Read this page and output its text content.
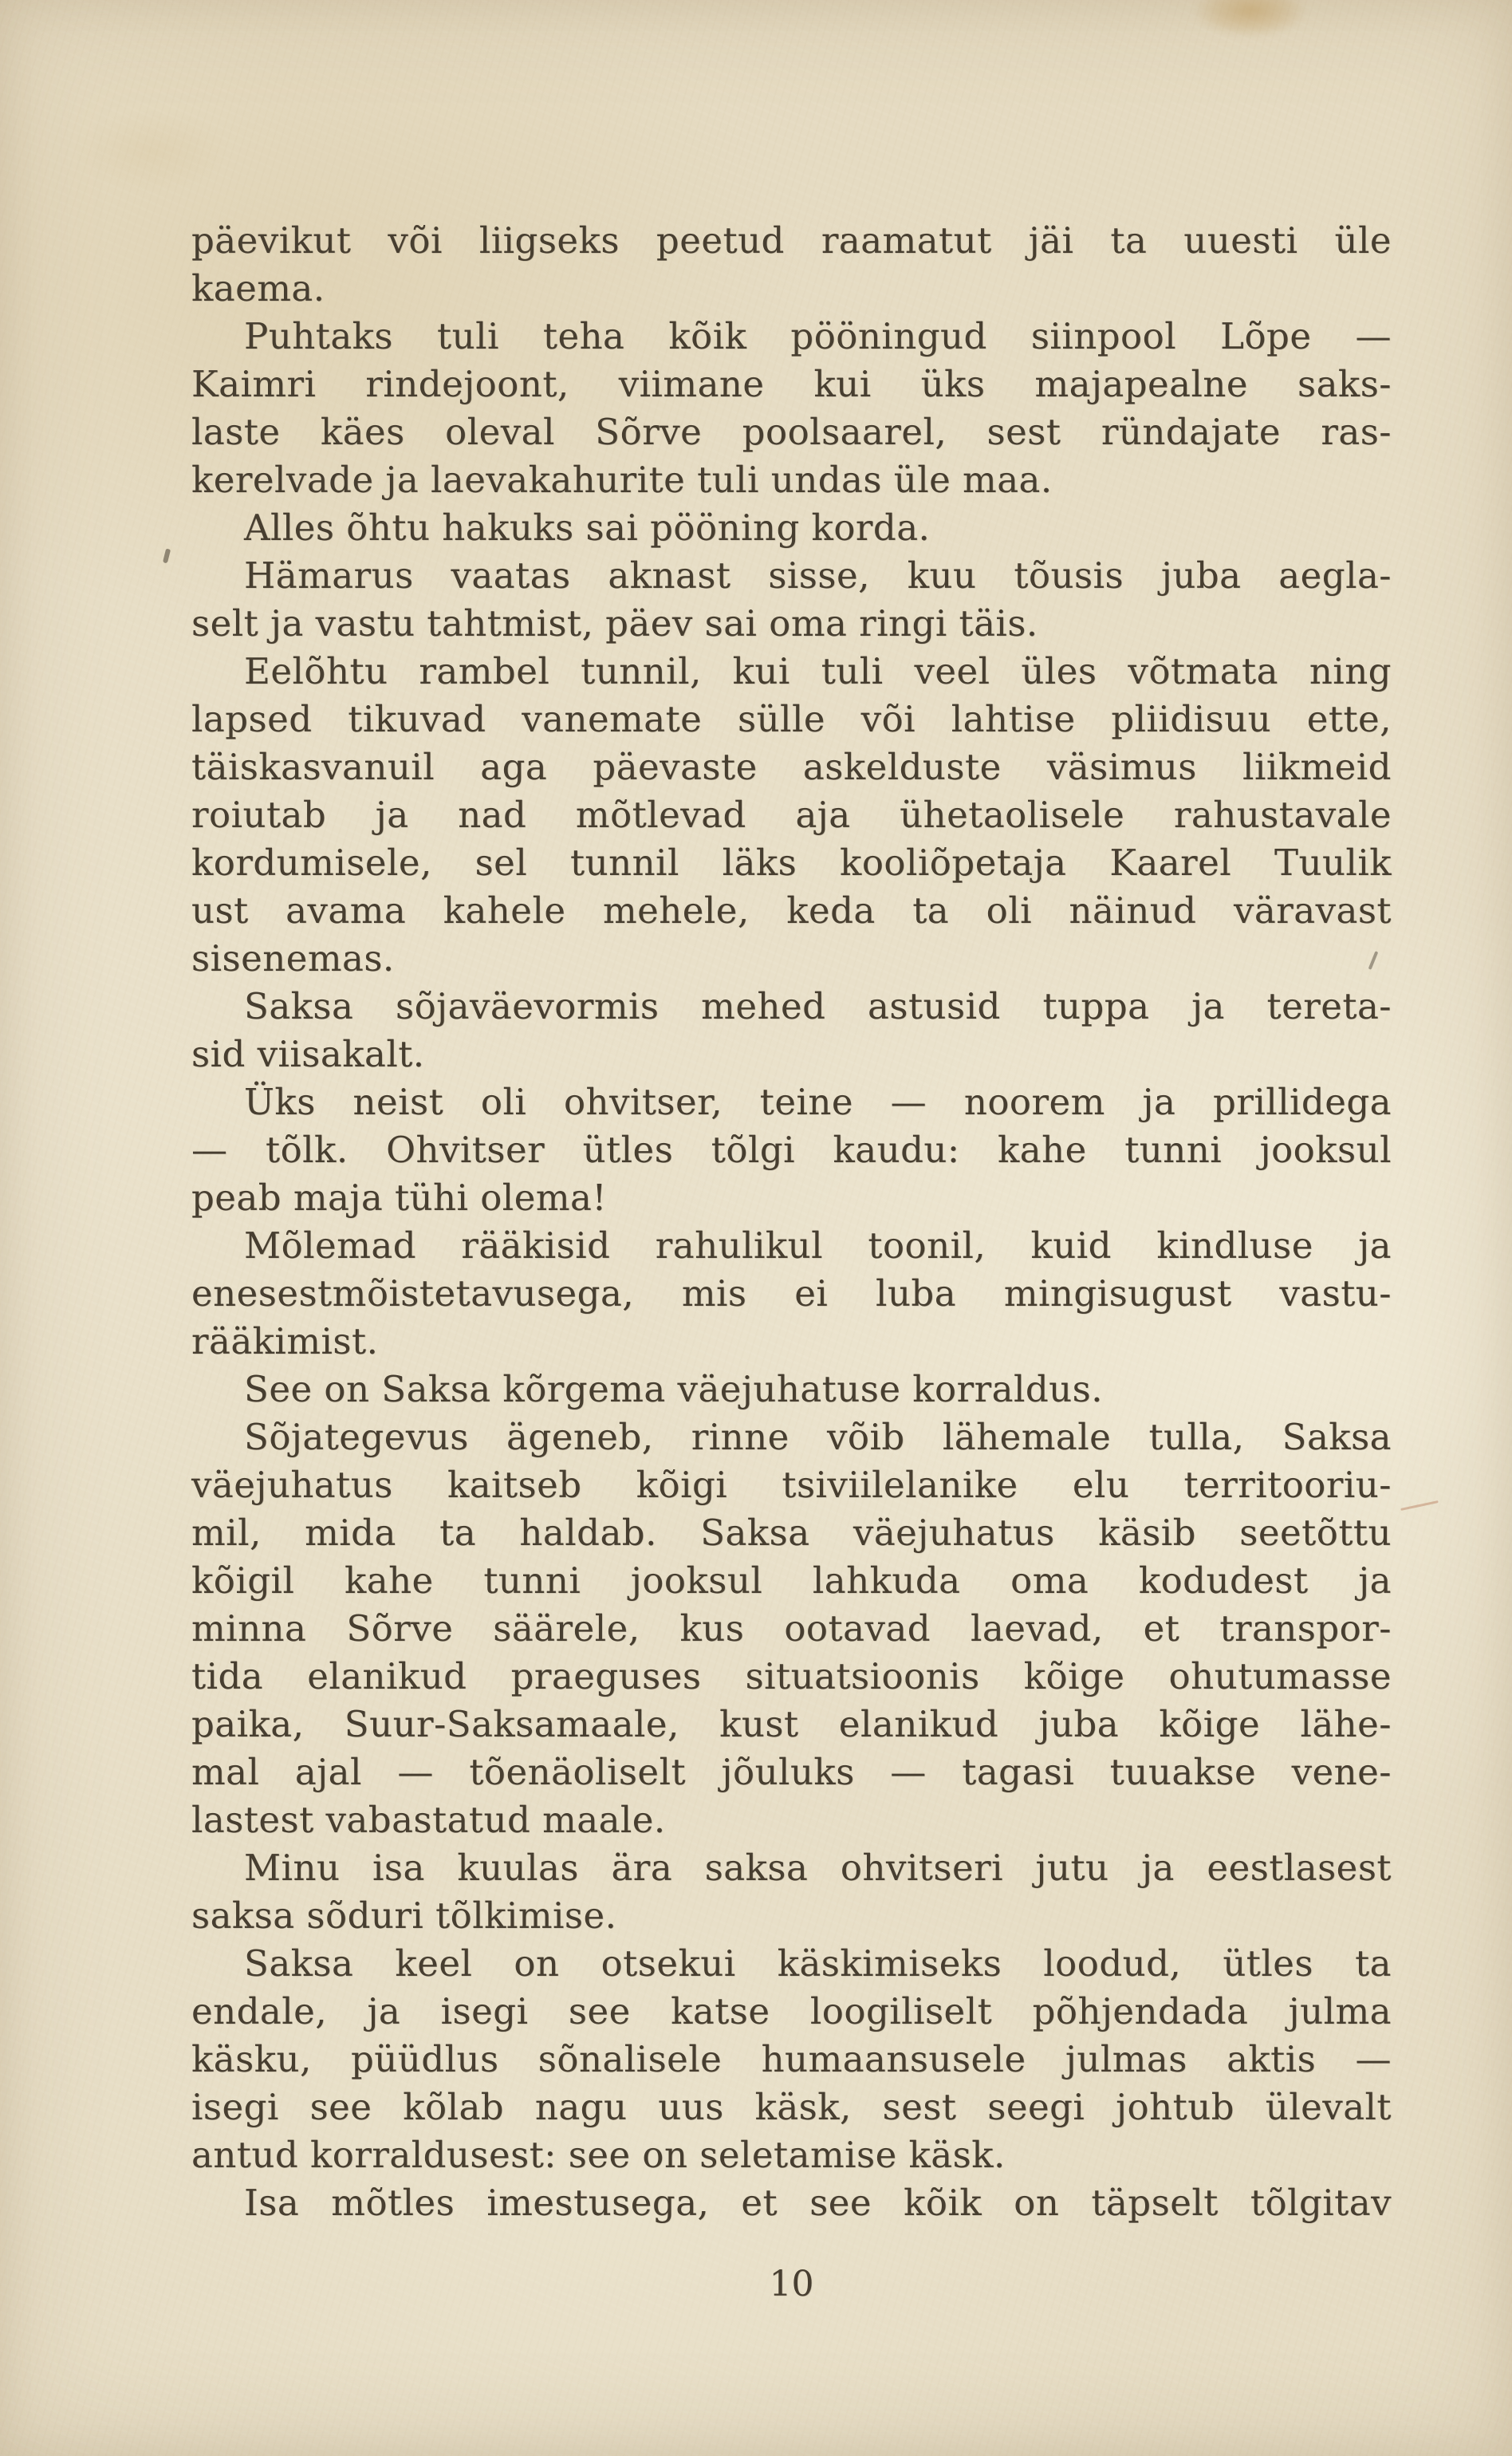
päevikut või liigseks peetud raamatut jäi ta uuesti üle
kaema.
Puhtaks tuli teha kõik pööningud siinpool Lõpe —
Kaimri rindejoont, viimane kui üks majapealne saks-
laste käes oleval Sõrve poolsaarel, sest ründajate ras-
kerelvade ja laevakahurite tuli undas üle maa.
Alles õhtu hakuks sai pööning korda.
Hämarus vaatas aknast sisse, kuu tõusis juba aegla-
selt ja vastu tahtmist, päev sai oma ringi täis.
Eelõhtu rambel tunnil, kui tuli veel üles võtmata ning
lapsed tikuvad vanemate sülle või lahtise pliidisuu ette,
täiskasvanuil aga päevaste askelduste väsimus liikmeid
roiutab ja nad mõtlevad aja ühetaolisele rahustavale
kordumisele, sel tunnil läks kooliõpetaja Kaarel Tuulik
ust avama kahele mehele, keda ta oli näinud väravast
sisenemas.
Saksa sõjaväevormis mehed astusid tuppa ja tereta-
sid viisakalt.
Üks neist oli ohvitser, teine — noorem ja prillidega
— tõlk. Ohvitser ütles tõlgi kaudu: kahe tunni jooksul
peab maja tühi olema!
Mõlemad rääkisid rahulikul toonil, kuid kindluse ja
enesestmõistetavusega, mis ei luba mingisugust vastu-
rääkimist.
See on Saksa kõrgema väejuhatuse korraldus.
Sõjategevus ägeneb, rinne võib lähemale tulla, Saksa
väejuhatus kaitseb kõigi tsiviilelanike elu territooriu-
mil, mida ta haldab. Saksa väejuhatus käsib seetõttu
kõigil kahe tunni jooksul lahkuda oma kodudest ja
minna Sõrve säärele, kus ootavad laevad, et transpor-
tida elanikud praeguses situatsioonis kõige ohutumasse
paika, Suur-Saksamaale, kust elanikud juba kõige lähe-
mal ajal — tõenäoliselt jõuluks — tagasi tuuakse vene-
lastest vabastatud maale.
Minu isa kuulas ära saksa ohvitseri jutu ja eestlasest
saksa sõduri tõlkimise.
Saksa keel on otsekui käskimiseks loodud, ütles ta
endale, ja isegi see katse loogiliselt põhjendada julma
käsku, püüdlus sõnalisele humaansusele julmas aktis —
isegi see kõlab nagu uus käsk, sest seegi johtub ülevalt
antud korraldusest: see on seletamise käsk.
Isa mõtles imestusega, et see kõik on täpselt tõlgitav
10
